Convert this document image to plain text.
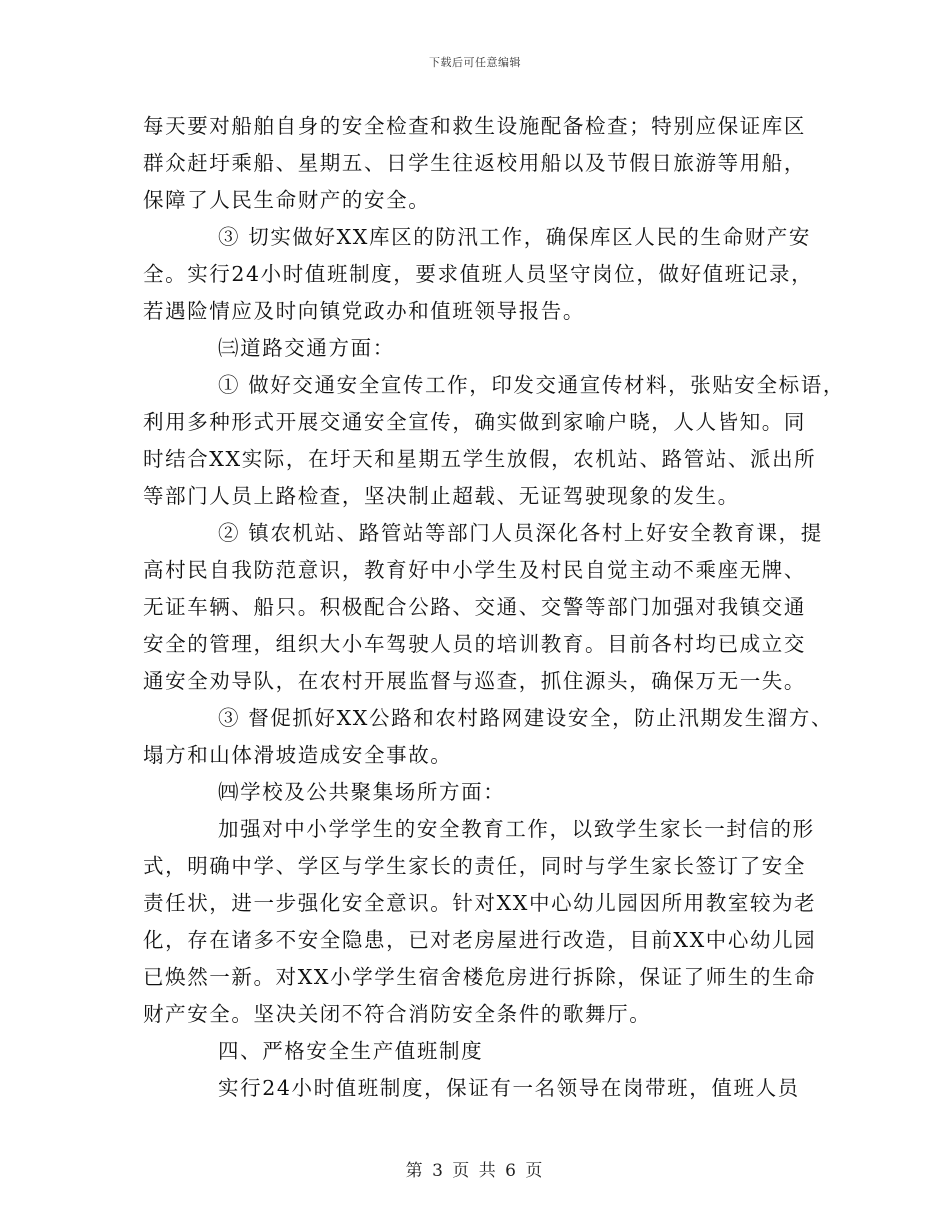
下载后可任意编辑
每天要对船舶自身的安全检查和救生设施配备检查；特别应保证库区
群众赶圩乘船、星期五、日学生往返校用船以及节假日旅游等用船，
保障了人民生命财产的安全。
③ 切实做好XX库区的防汛工作，确保库区人民的生命财产安
全。实行24小时值班制度，要求值班人员坚守岗位，做好值班记录，
若遇险情应及时向镇党政办和值班领导报告。
㈢道路交通方面：
① 做好交通安全宣传工作，印发交通宣传材料，张贴安全标语，
利用多种形式开展交通安全宣传，确实做到家喻户晓，人人皆知。同
时结合XX实际，在圩天和星期五学生放假，农机站、路管站、派出所
等部门人员上路检查，坚决制止超载、无证驾驶现象的发生。
② 镇农机站、路管站等部门人员深化各村上好安全教育课，提
高村民自我防范意识，教育好中小学生及村民自觉主动不乘座无牌、
无证车辆、船只。积极配合公路、交通、交警等部门加强对我镇交通
安全的管理，组织大小车驾驶人员的培训教育。目前各村均已成立交
通安全劝导队，在农村开展监督与巡查，抓住源头，确保万无一失。
③ 督促抓好XX公路和农村路网建设安全，防止汛期发生溜方、
塌方和山体滑坡造成安全事故。
㈣学校及公共聚集场所方面：
加强对中小学学生的安全教育工作，以致学生家长一封信的形
式，明确中学、学区与学生家长的责任，同时与学生家长签订了安全
责任状，进一步强化安全意识。针对XX中心幼儿园因所用教室较为老
化，存在诸多不安全隐患，已对老房屋进行改造，目前XX中心幼儿园
已焕然一新。对XX小学学生宿舍楼危房进行拆除，保证了师生的生命
财产安全。坚决关闭不符合消防安全条件的歌舞厅。
四、严格安全生产值班制度
实行24小时值班制度，保证有一名领导在岗带班，值班人员
第 3 页 共 6 页
